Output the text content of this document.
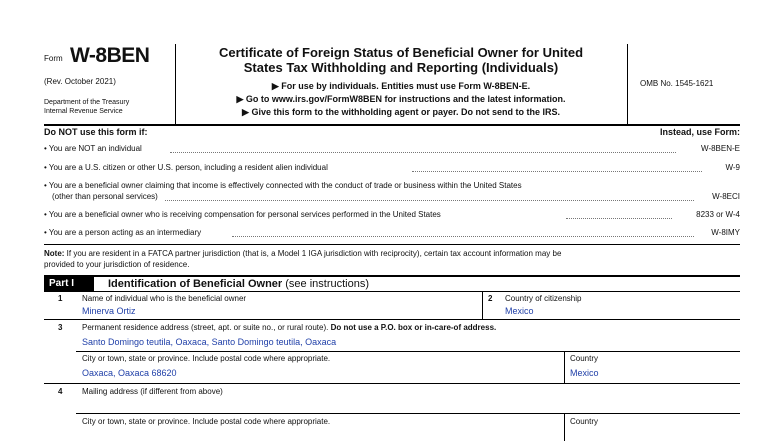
Form W-8BEN
(Rev. October 2021)
Department of the Treasury
Internal Revenue Service
Certificate of Foreign Status of Beneficial Owner for United
States Tax Withholding and Reporting (Individuals)
▶ For use by individuals. Entities must use Form W-8BEN-E.
▶ Go to www.irs.gov/FormW8BEN for instructions and the latest information.
▶ Give this form to the withholding agent or payer. Do not send to the IRS.
OMB No. 1545-1621
Do NOT use this form if:	Instead, use Form:
• You are NOT an individual	W-8BEN-E
• You are a U.S. citizen or other U.S. person, including a resident alien individual	W-9
• You are a beneficial owner claiming that income is effectively connected with the conduct of trade or business within the United States
(other than personal services)	W-8ECI
• You are a beneficial owner who is receiving compensation for personal services performed in the United States	8233 or W-4
• You are a person acting as an intermediary	W-8IMY
Note: If you are resident in a FATCA partner jurisdiction (that is, a Model 1 IGA jurisdiction with reciprocity), certain tax account information may be
provided to your jurisdiction of residence.
Part I	Identification of Beneficial Owner (see instructions)
1 Name of individual who is the beneficial owner
Minerva Ortiz
2 Country of citizenship
Mexico
3 Permanent residence address (street, apt. or suite no., or rural route). Do not use a P.O. box or in-care-of address.
Santo Domingo teutila, Oaxaca, Santo Domingo teutila, Oaxaca
City or town, state or province. Include postal code where appropriate.
Oaxaca, Oaxaca 68620
Country
Mexico
4 Mailing address (if different from above)
City or town, state or province. Include postal code where appropriate.	Country
